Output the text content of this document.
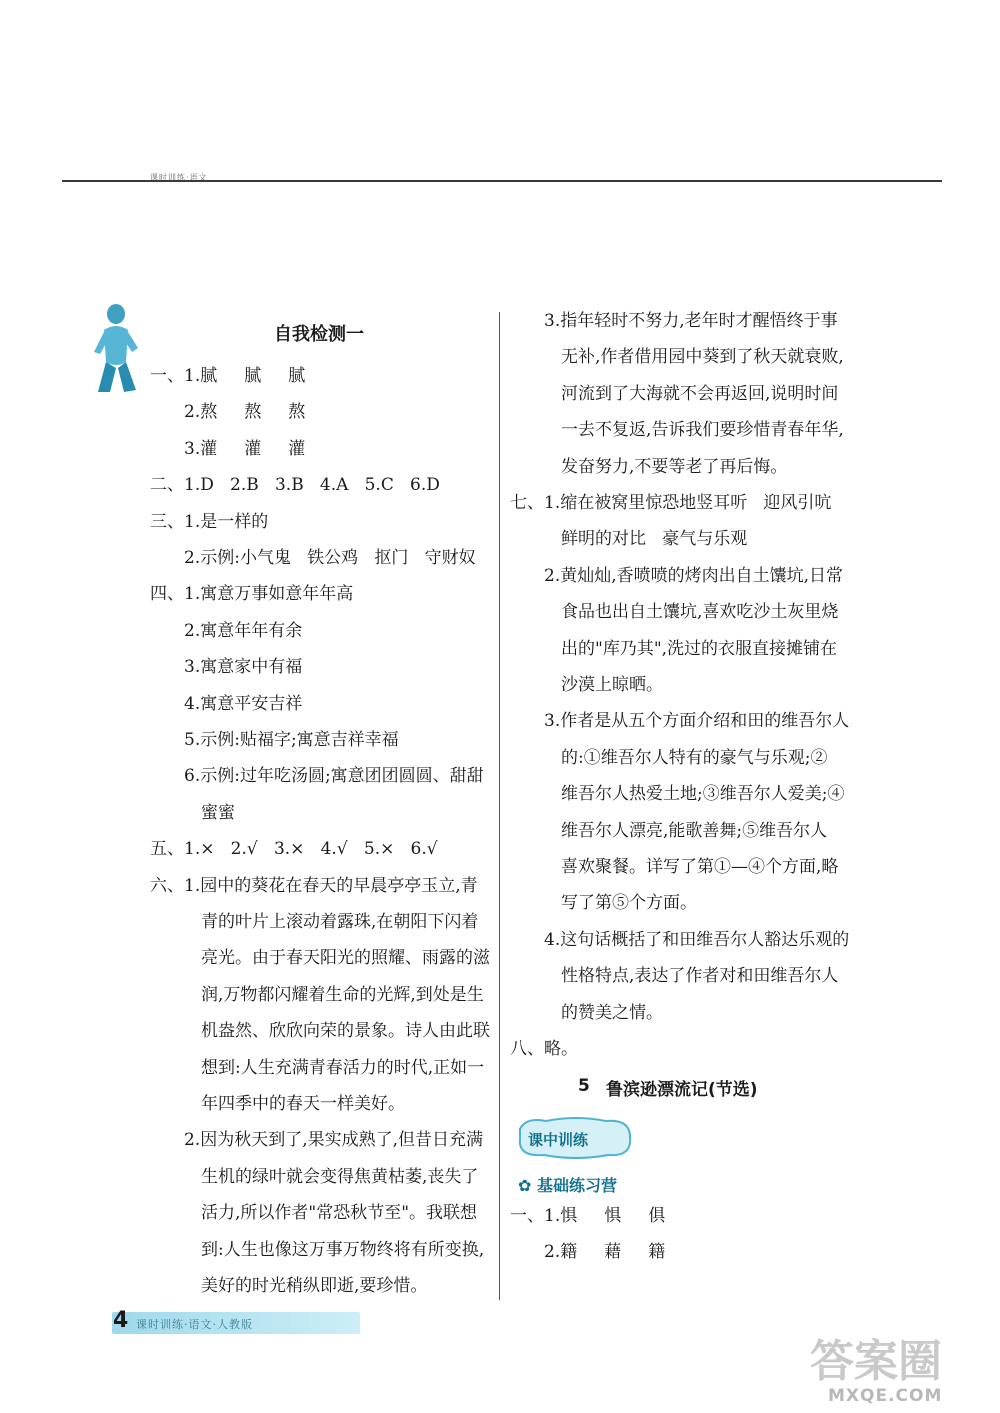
课时训练·语文
自我检测一
一、1.腻     腻     腻
　　2.熬     熬     熬
　　3.灌     灌     灌
二、1.D   2.B   3.B   4.A   5.C   6.D
三、1.是一样的
　　2.示例:小气鬼   铁公鸡   抠门   守财奴
四、1.寓意万事如意年年高
　　2.寓意年年有余
　　3.寓意家中有福
　　4.寓意平安吉祥
　　5.示例:贴福字;寓意吉祥幸福
　　6.示例:过年吃汤圆;寓意团团圆圆、甜甜
　　　蜜蜜
五、1.×   2.√   3.×   4.√   5.×   6.√
六、1.园中的葵花在春天的早晨亭亭玉立,青
　　　青的叶片上滚动着露珠,在朝阳下闪着
　　　亮光。由于春天阳光的照耀、雨露的滋
　　　润,万物都闪耀着生命的光辉,到处是生
　　　机盎然、欣欣向荣的景象。诗人由此联
　　　想到:人生充满青春活力的时代,正如一
　　　年四季中的春天一样美好。
　　2.因为秋天到了,果实成熟了,但昔日充满
　　　生机的绿叶就会变得焦黄枯萎,丧失了
　　　活力,所以作者"常恐秋节至"。我联想
　　　到:人生也像这万事万物终将有所变换,
　　　美好的时光稍纵即逝,要珍惜。
　　3.指年轻时不努力,老年时才醒悟终于事
　　　无补,作者借用园中葵到了秋天就衰败,
　　　河流到了大海就不会再返回,说明时间
　　　一去不复返,告诉我们要珍惜青春年华,
　　　发奋努力,不要等老了再后悔。
七、1.缩在被窝里惊恐地竖耳听   迎风引吭
　　　鲜明的对比   豪气与乐观
　　2.黄灿灿,香喷喷的烤肉出自土馕坑,日常
　　　食品也出自土馕坑,喜欢吃沙土灰里烧
　　　出的"库乃其",洗过的衣服直接摊铺在
　　　沙漠上晾晒。
　　3.作者是从五个方面介绍和田的维吾尔人
　　　的:①维吾尔人特有的豪气与乐观;②
　　　维吾尔人热爱土地;③维吾尔人爱美;④
　　　维吾尔人漂亮,能歌善舞;⑤维吾尔人
　　　喜欢聚餐。详写了第①—④个方面,略
　　　写了第⑤个方面。
　　4.这句话概括了和田维吾尔人豁达乐观的
　　　性格特点,表达了作者对和田维吾尔人
　　　的赞美之情。
八、略。
5 鲁滨逊漂流记(节选)
课中训练
✿ 基础练习营
一、1.惧     惧     俱
　　2.籍     藉     籍
课时训练·语文·人教版
4
答案圈
MXQE.COM
